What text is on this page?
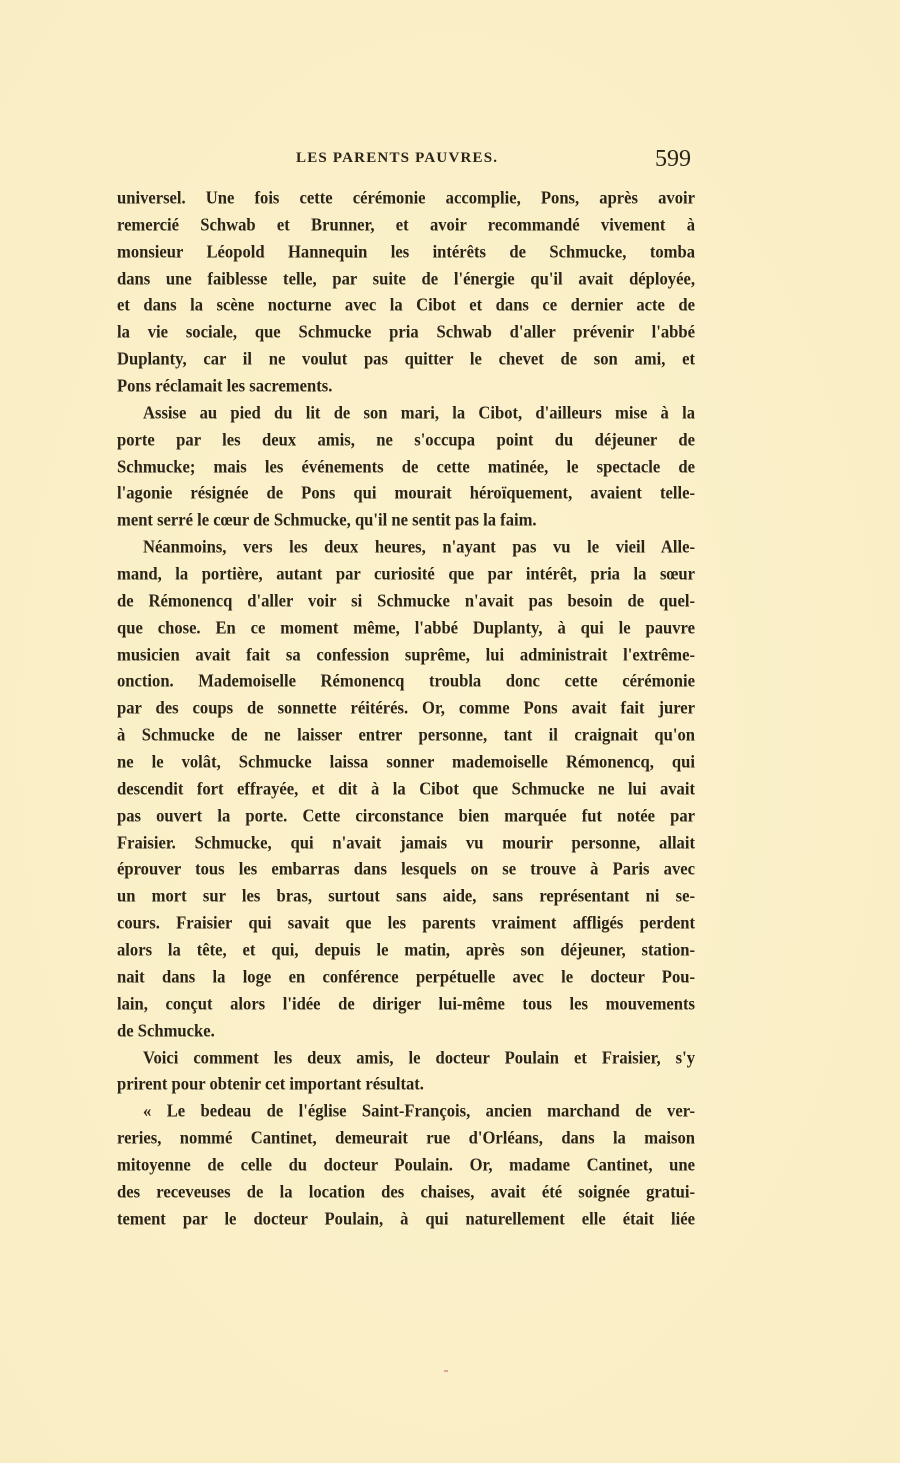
LES PARENTS PAUVRES.	599
universel. Une fois cette cérémonie accomplie, Pons, après avoir
remercié Schwab et Brunner, et avoir recommandé vivement à
monsieur Léopold Hannequin les intérêts de Schmucke, tomba
dans une faiblesse telle, par suite de l'énergie qu'il avait déployée,
et dans la scène nocturne avec la Cibot et dans ce dernier acte de
la vie sociale, que Schmucke pria Schwab d'aller prévenir l'abbé
Duplanty, car il ne voulut pas quitter le chevet de son ami, et
Pons réclamait les sacrements.
Assise au pied du lit de son mari, la Cibot, d'ailleurs mise à la
porte par les deux amis, ne s'occupa point du déjeuner de
Schmucke; mais les événements de cette matinée, le spectacle de
l'agonie résignée de Pons qui mourait héroïquement, avaient telle-
ment serré le cœur de Schmucke, qu'il ne sentit pas la faim.
Néanmoins, vers les deux heures, n'ayant pas vu le vieil Alle-
mand, la portière, autant par curiosité que par intérêt, pria la sœur
de Rémonencq d'aller voir si Schmucke n'avait pas besoin de quel-
que chose. En ce moment même, l'abbé Duplanty, à qui le pauvre
musicien avait fait sa confession suprême, lui administrait l'extrême-
onction. Mademoiselle Rémonencq troubla donc cette cérémonie
par des coups de sonnette réitérés. Or, comme Pons avait fait jurer
à Schmucke de ne laisser entrer personne, tant il craignait qu'on
ne le volât, Schmucke laissa sonner mademoiselle Rémonencq, qui
descendit fort effrayée, et dit à la Cibot que Schmucke ne lui avait
pas ouvert la porte. Cette circonstance bien marquée fut notée par
Fraisier. Schmucke, qui n'avait jamais vu mourir personne, allait
éprouver tous les embarras dans lesquels on se trouve à Paris avec
un mort sur les bras, surtout sans aide, sans représentant ni se-
cours. Fraisier qui savait que les parents vraiment affligés perdent
alors la tête, et qui, depuis le matin, après son déjeuner, station-
nait dans la loge en conférence perpétuelle avec le docteur Pou-
lain, conçut alors l'idée de diriger lui-même tous les mouvements
de Schmucke.
Voici comment les deux amis, le docteur Poulain et Fraisier, s'y
prirent pour obtenir cet important résultat.
« Le bedeau de l'église Saint-François, ancien marchand de ver-
reries, nommé Cantinet, demeurait rue d'Orléans, dans la maison
mitoyenne de celle du docteur Poulain. Or, madame Cantinet, une
des receveuses de la location des chaises, avait été soignée gratui-
tement par le docteur Poulain, à qui naturellement elle était liée
